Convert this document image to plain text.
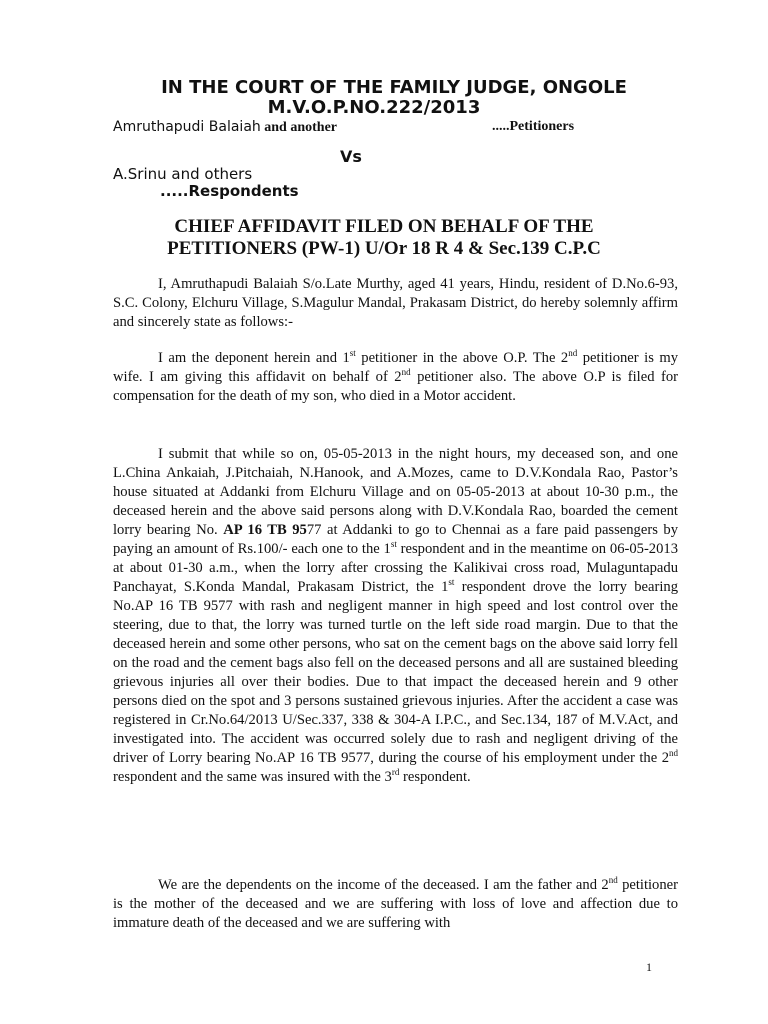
IN THE COURT OF THE FAMILY JUDGE, ONGOLE
M.V.O.P.NO.222/2013
Amruthapudi Balaiah and another	.....Petitioners
Vs
A.Srinu and others
.....Respondents
CHIEF AFFIDAVIT FILED ON BEHALF OF THE
PETITIONERS (PW-1) U/Or 18 R 4 & Sec.139 C.P.C

I, Amruthapudi Balaiah S/o.Late Murthy, aged 41 years, Hindu, resident of D.No.6-93, S.C. Colony, Elchuru Village, S.Magulur Mandal, Prakasam District, do hereby solemnly affirm and sincerely state as follows:-

I am the deponent herein and 1st petitioner in the above O.P. The 2nd petitioner is my wife. I am giving this affidavit on behalf of 2nd petitioner also. The above O.P is filed for compensation for the death of my son, who died in a Motor accident.

I submit that while so on, 05-05-2013 in the night hours, my deceased son, and one L.China Ankaiah, J.Pitchaiah, N.Hanook, and A.Mozes, came to D.V.Kondala Rao, Pastor’s house situated at Addanki from Elchuru Village and on 05-05-2013 at about 10-30 p.m., the deceased herein and the above said persons along with D.V.Kondala Rao, boarded the cement lorry bearing No. AP 16 TB 9577 at Addanki to go to Chennai as a fare paid passengers by paying an amount of Rs.100/- each one to the 1st respondent and in the meantime on 06-05-2013 at about 01-30 a.m., when the lorry after crossing the Kalikivai cross road, Mulaguntapadu Panchayat, S.Konda Mandal, Prakasam District, the 1st respondent drove the lorry bearing No.AP 16 TB 9577 with rash and negligent manner in high speed and lost control over the steering, due to that, the lorry was turned turtle on the left side road margin. Due to that the deceased herein and some other persons, who sat on the cement bags on the above said lorry fell on the road and the cement bags also fell on the deceased persons and all are sustained bleeding grievous injuries all over their bodies. Due to that impact the deceased herein and 9 other persons died on the spot and 3 persons sustained grievous injuries. After the accident a case was registered in Cr.No.64/2013 U/Sec.337, 338 & 304-A I.P.C., and Sec.134, 187 of M.V.Act, and investigated into. The accident was occurred solely due to rash and negligent driving of the driver of Lorry bearing No.AP 16 TB 9577, during the course of his employment under the 2nd respondent and the same was insured with the 3rd respondent.

We are the dependents on the income of the deceased. I am the father and 2nd petitioner is the mother of the deceased and we are suffering with loss of love and affection due to immature death of the deceased and we are suffering with

1
